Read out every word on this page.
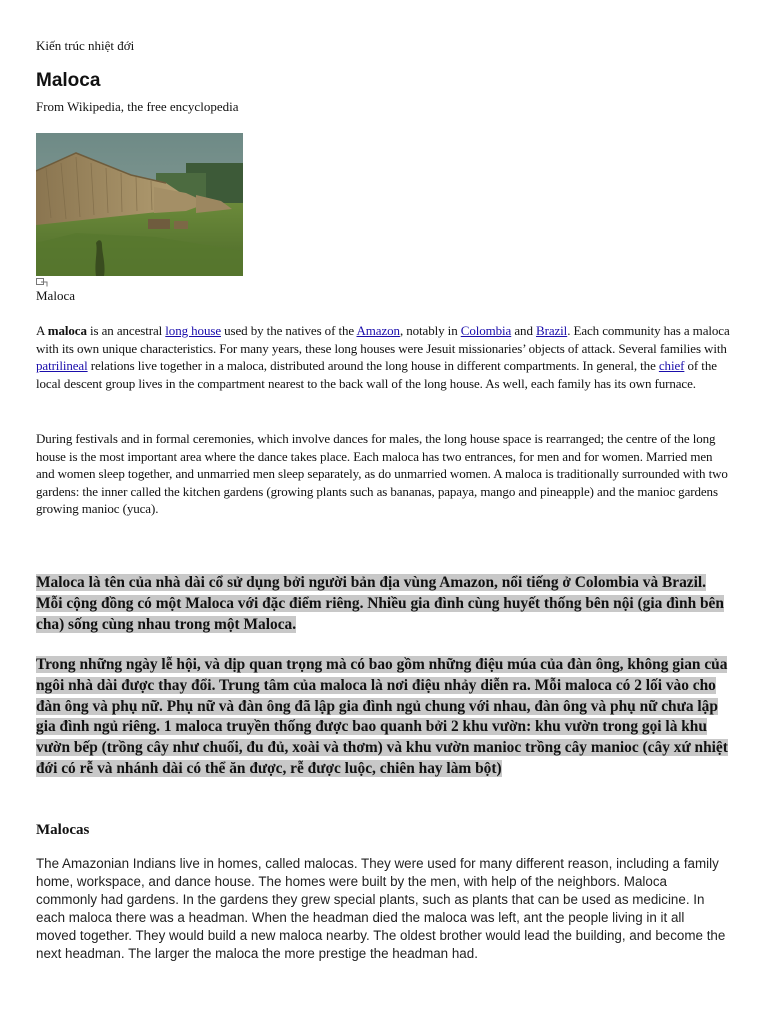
Kiến trúc nhiệt đới
Maloca
From Wikipedia, the free encyclopedia
Maloca

A maloca is an ancestral long house used by the natives of the Amazon, notably in Colombia and Brazil. Each community has a maloca with its own unique characteristics. For many years, these long houses were Jesuit missionaries’ objects of attack. Several families with patrilineal relations live together in a maloca, distributed around the long house in different compartments. In general, the chief of the local descent group lives in the compartment nearest to the back wall of the long house. As well, each family has its own furnace.

During festivals and in formal ceremonies, which involve dances for males, the long house space is rearranged; the centre of the long house is the most important area where the dance takes place. Each maloca has two entrances, for men and for women. Married men and women sleep together, and unmarried men sleep separately, as do unmarried women. A maloca is traditionally surrounded with two gardens: the inner called the kitchen gardens (growing plants such as bananas, papaya, mango and pineapple) and the manioc gardens growing manioc (yuca).

Maloca là tên của nhà dài cổ sử dụng bởi người bản địa vùng Amazon, nổi tiếng ở Colombia và Brazil. Mỗi cộng đồng có một Maloca với đặc điểm riêng. Nhiều gia đình cùng huyết thống bên nội (gia đình bên cha) sống cùng nhau trong một Maloca.

Trong những ngày lễ hội, và dịp quan trọng mà có bao gồm những điệu múa của đàn ông, không gian của ngôi nhà dài được thay đổi. Trung tâm của maloca là nơi điệu nhảy diễn ra. Mỗi maloca có 2 lối vào cho đàn ông và phụ nữ. Phụ nữ và đàn ông đã lập gia đình ngủ chung với nhau, đàn ông và phụ nữ chưa lập gia đình ngủ riêng. 1 maloca truyền thống được bao quanh bởi 2 khu vườn: khu vườn trong gọi là khu vườn bếp (trồng cây như chuối, đu đủ, xoài và thơm) và khu vườn manioc trồng cây manioc (cây xứ nhiệt đới có rễ và nhánh dài có thể ăn được, rễ được luộc, chiên hay làm bột)

Malocas

The Amazonian Indians live in homes, called malocas. They were used for many different reason, including a family home, workspace, and dance house. The homes were built by the men, with help of the neighbors. Maloca commonly had gardens. In the gardens they grew special plants, such as plants that can be used as medicine. In each maloca there was a headman. When the headman died the maloca was left, ant the people living in it all moved together. They would build a new maloca nearby. The oldest brother would lead the building, and become the next headman. The larger the maloca the more prestige the headman had.
